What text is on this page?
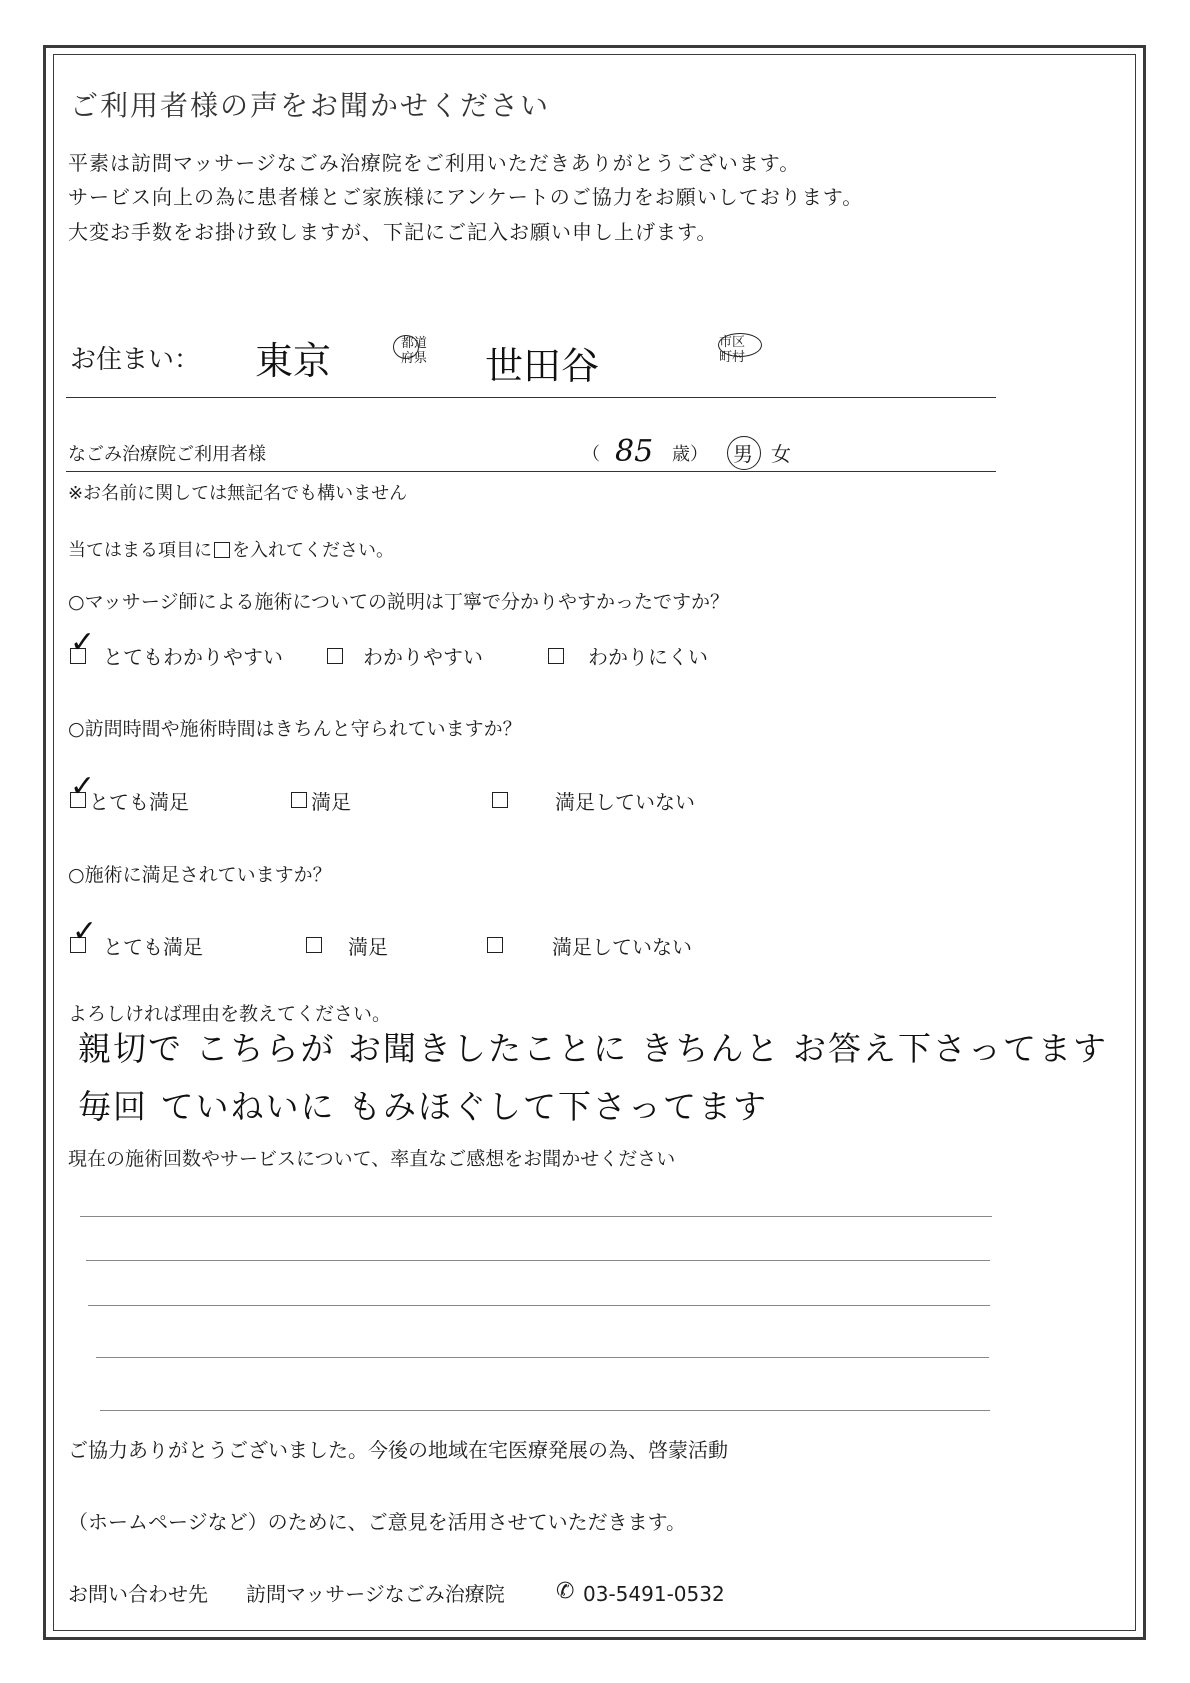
ご利用者様の声をお聞かせください
平素は訪問マッサージなごみ治療院をご利用いただきありがとうございます。
サービス向上の為に患者様とご家族様にアンケートのご協力をお願いしております。
大変お手数をお掛け致しますが、下記にご記入お願い申し上げます。
お住まい： 東京	都道
府県 世田谷
市区
町村
なごみ治療院ご利用者様	（ 85 歳） 男 女
※お名前に関しては無記名でも構いません
当てはまる項目に を入れてください。
○マッサージ師による施術についての説明は丁寧で分かりやすかったですか？
✓ とてもわかりやすい	わかりやすい	わかりにくい
○訪問時間や施術時間はきちんと守られていますか？
✓
とても満足	満足	満足していない
○施術に満足されていますか？
✓ とても満足	満足	満足していない
よろしければ理由を教えてください。
親切で こちらが お聞きしたことに きちんと お答え下さってます
毎回 ていねいに もみほぐして下さってます
現在の施術回数やサービスについて、率直なご感想をお聞かせください
ご協力ありがとうございました。今後の地域在宅医療発展の為、啓蒙活動
（ホームページなど）のために、ご意見を活用させていただきます。
お問い合わせ先 訪問マッサージなごみ治療院 ✆ 03-5491-0532
